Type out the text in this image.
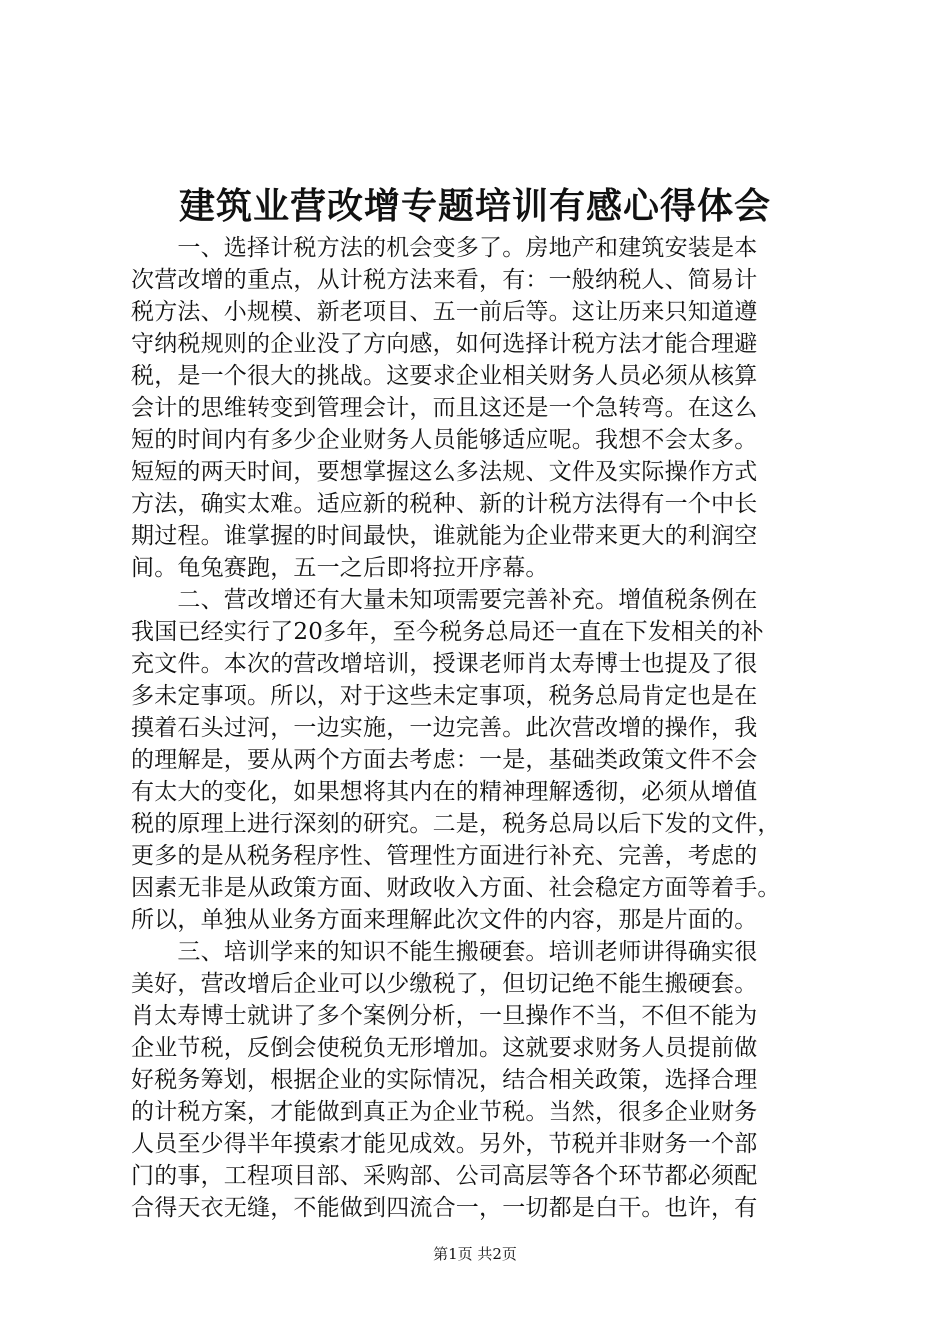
建筑业营改增专题培训有感心得体会
　　一、选择计税方法的机会变多了。房地产和建筑安装是本
次营改增的重点，从计税方法来看，有：一般纳税人、简易计
税方法、小规模、新老项目、五一前后等。这让历来只知道遵
守纳税规则的企业没了方向感，如何选择计税方法才能合理避
税，是一个很大的挑战。这要求企业相关财务人员必须从核算
会计的思维转变到管理会计，而且这还是一个急转弯。在这么
短的时间内有多少企业财务人员能够适应呢。我想不会太多。
短短的两天时间，要想掌握这么多法规、文件及实际操作方式
方法，确实太难。适应新的税种、新的计税方法得有一个中长
期过程。谁掌握的时间最快，谁就能为企业带来更大的利润空
间。龟兔赛跑，五一之后即将拉开序幕。
　　二、营改增还有大量未知项需要完善补充。增值税条例在
我国已经实行了20多年，至今税务总局还一直在下发相关的补
充文件。本次的营改增培训，授课老师肖太寿博士也提及了很
多未定事项。所以，对于这些未定事项，税务总局肯定也是在
摸着石头过河，一边实施，一边完善。此次营改增的操作，我
的理解是，要从两个方面去考虑：一是，基础类政策文件不会
有太大的变化，如果想将其内在的精神理解透彻，必须从增值
税的原理上进行深刻的研究。二是，税务总局以后下发的文件，
更多的是从税务程序性、管理性方面进行补充、完善，考虑的
因素无非是从政策方面、财政收入方面、社会稳定方面等着手。
所以，单独从业务方面来理解此次文件的内容，那是片面的。
　　三、培训学来的知识不能生搬硬套。培训老师讲得确实很
美好，营改增后企业可以少缴税了，但切记绝不能生搬硬套。
肖太寿博士就讲了多个案例分析，一旦操作不当，不但不能为
企业节税，反倒会使税负无形增加。这就要求财务人员提前做
好税务筹划，根据企业的实际情况，结合相关政策，选择合理
的计税方案，才能做到真正为企业节税。当然，很多企业财务
人员至少得半年摸索才能见成效。另外，节税并非财务一个部
门的事，工程项目部、采购部、公司高层等各个环节都必须配
合得天衣无缝，不能做到四流合一，一切都是白干。也许，有
第1页 共2页
